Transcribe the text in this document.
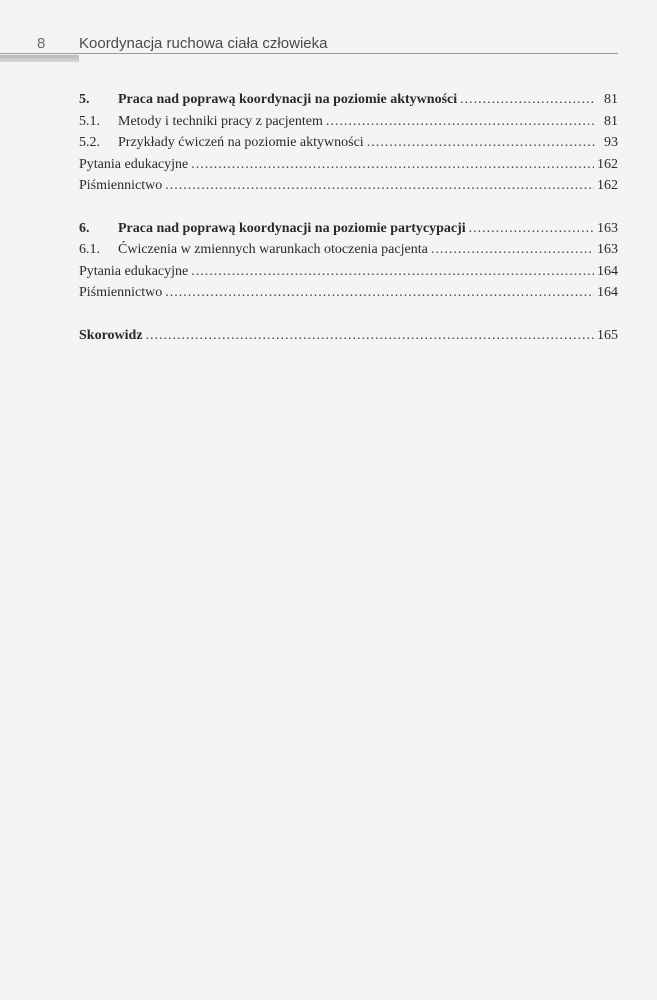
8 Koordynacja ruchowa ciała człowieka
5.	Praca nad poprawą koordynacji na poziomie aktywności .....	81
5.1.	Metody i techniki pracy z pacjentem .....	81
5.2.	Przykłady ćwiczeń na poziomie aktywności .....	93
Pytania edukacyjne .....	162
Piśmiennictwo .....	162
6.	Praca nad poprawą koordynacji na poziomie partycypacji .....	163
6.1.	Ćwiczenia w zmiennych warunkach otoczenia pacjenta .....	163
Pytania edukacyjne .....	164
Piśmiennictwo .....	164
Skorowidz .....	165
